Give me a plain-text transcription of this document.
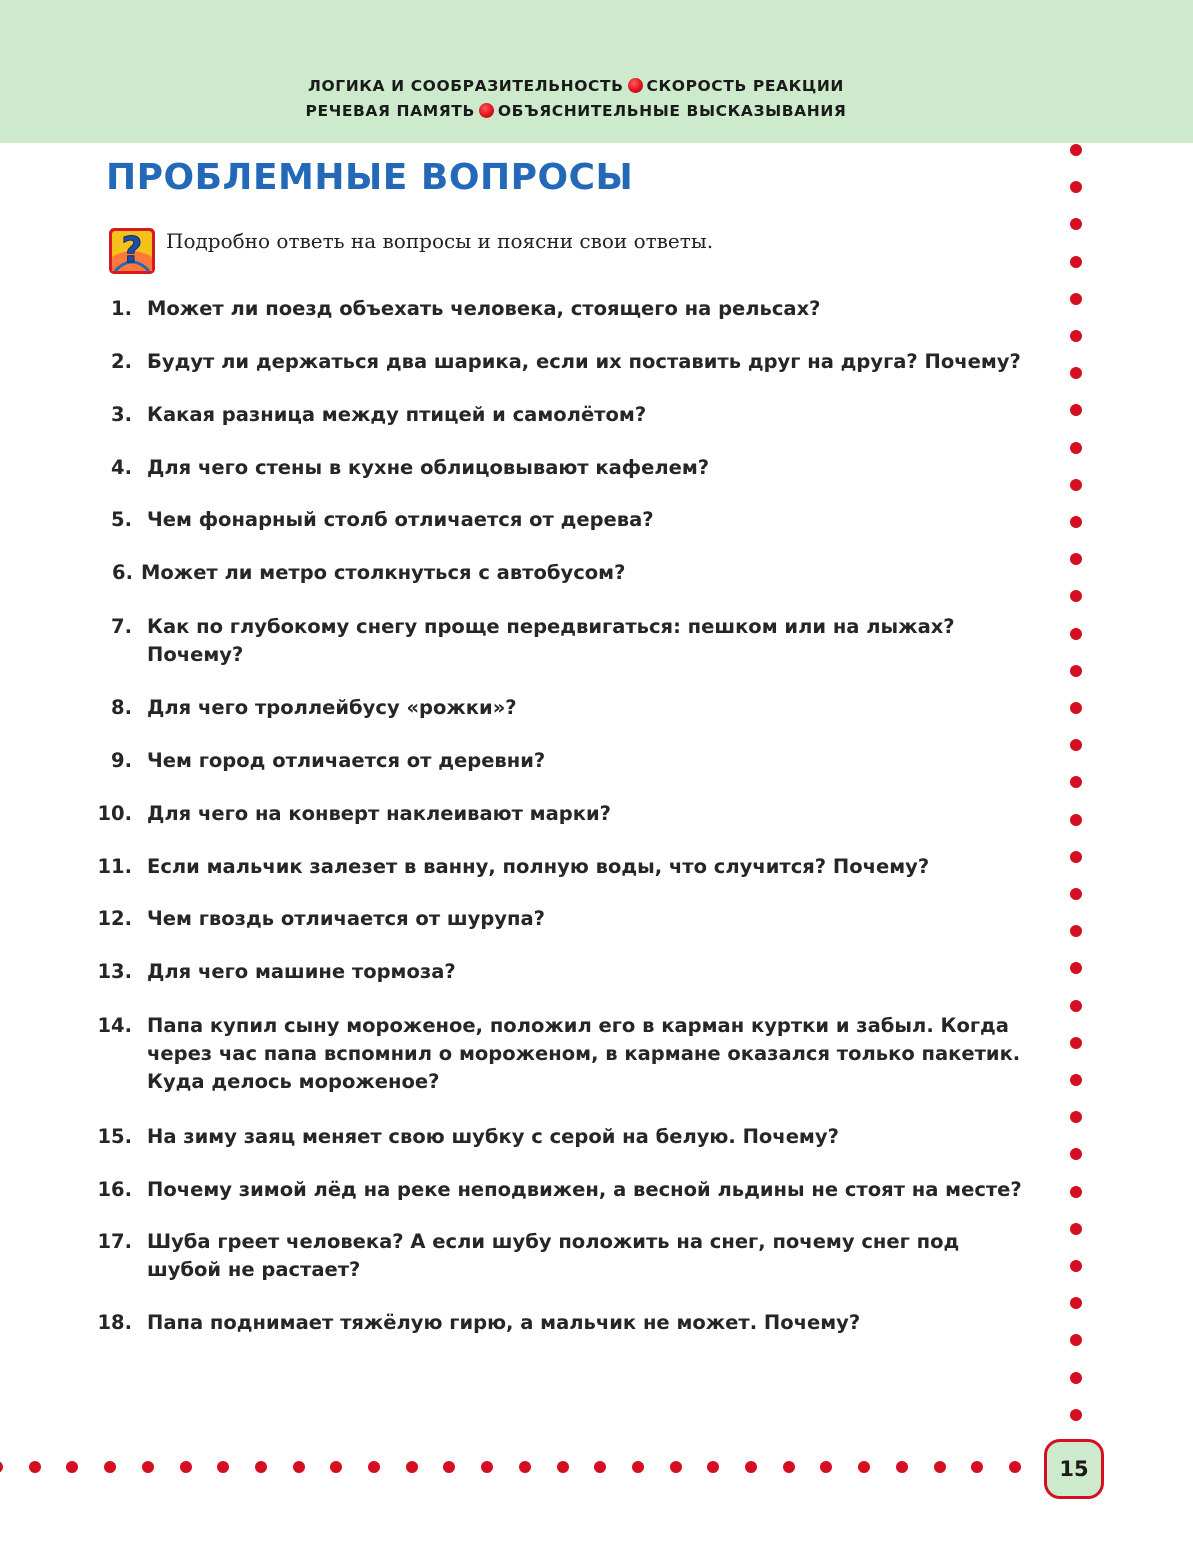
ЛОГИКА И СООБРАЗИТЕЛЬНОСТЬ СКОРОСТЬ РЕАКЦИИ
РЕЧЕВАЯ ПАМЯТЬ ОБЪЯСНИТЕЛЬНЫЕ ВЫСКАЗЫВАНИЯ
ПРОБЛЕМНЫЕ ВОПРОСЫ
? Подробно ответь на вопросы и поясни свои ответы.

1. Может ли поезд объехать человека, стоящего на рельсах?
2. Будут ли держаться два шарика, если их поставить друг на друга? Почему?
3. Какая разница между птицей и самолётом?
4. Для чего стены в кухне облицовывают кафелем?
5. Чем фонарный столб отличается от дерева?
6. Может ли метро столкнуться с автобусом?
7. Как по глубокому снегу проще передвигаться: пешком или на лыжах? Почему?
8. Для чего троллейбусу «рожки»?
9. Чем город отличается от деревни?
10. Для чего на конверт наклеивают марки?
11. Если мальчик залезет в ванну, полную воды, что случится? Почему?
12. Чем гвоздь отличается от шурупа?
13. Для чего машине тормоза?
14. Папа купил сыну мороженое, положил его в карман куртки и забыл. Когда через час папа вспомнил о мороженом, в кармане оказался только пакетик. Куда делось мороженое?
15. На зиму заяц меняет свою шубку с серой на белую. Почему?
16. Почему зимой лёд на реке неподвижен, а весной льдины не стоят на месте?
17. Шуба греет человека? А если шубу положить на снег, почему снег под шубой не растает?
18. Папа поднимает тяжёлую гирю, а мальчик не может. Почему?
15
